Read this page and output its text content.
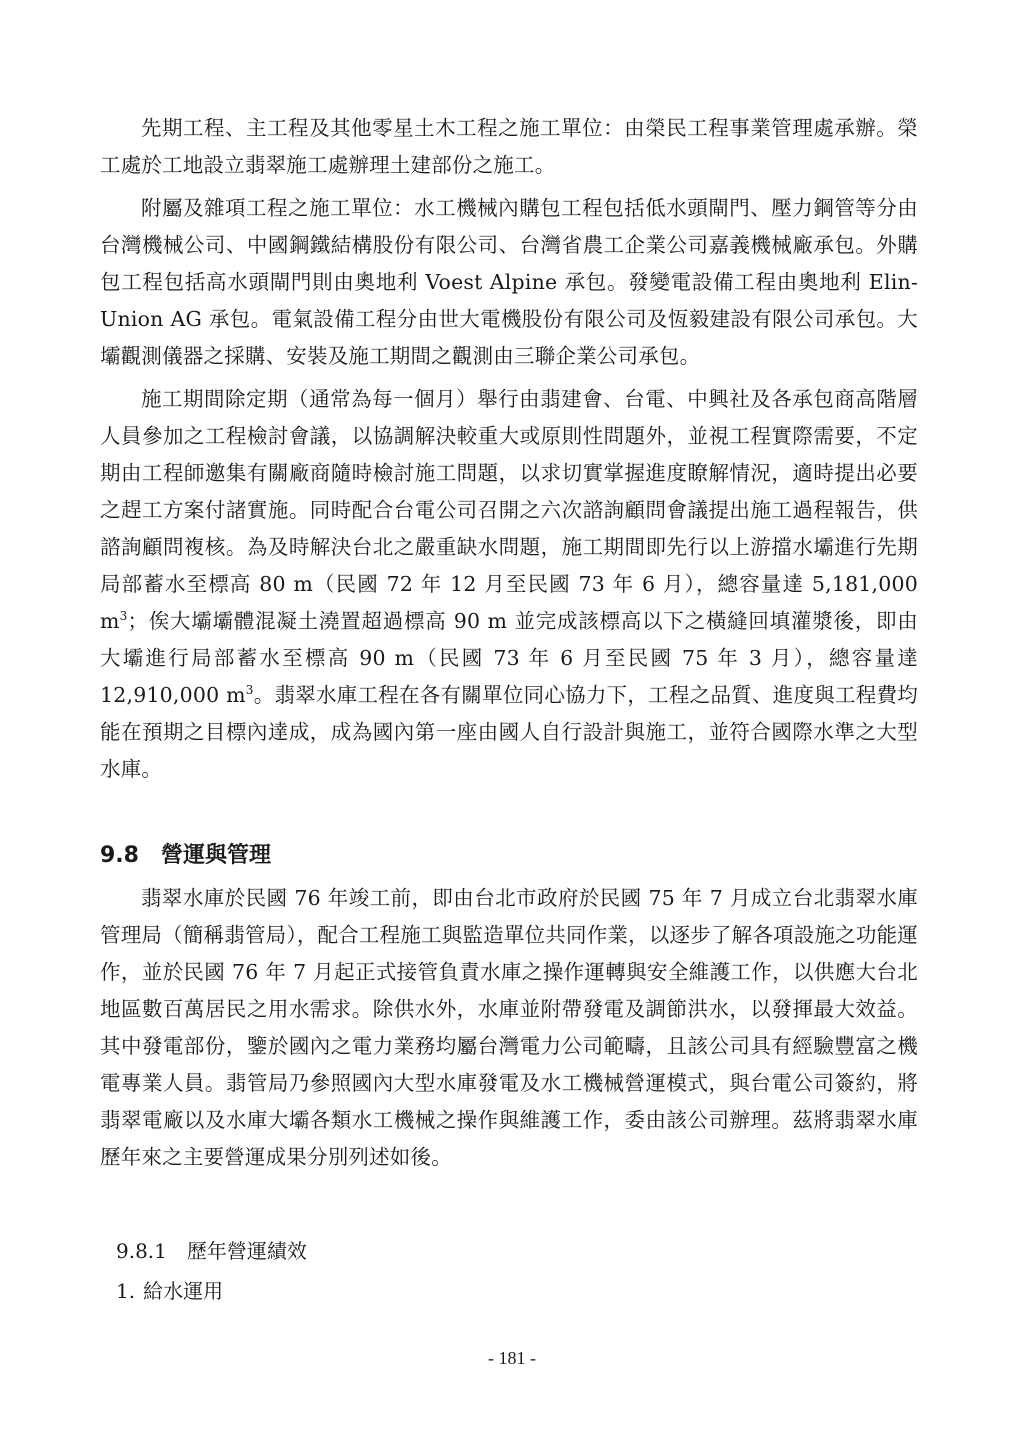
先期工程、主工程及其他零星土木工程之施工單位：由榮民工程事業管理處承辦。榮工處於工地設立翡翠施工處辦理土建部份之施工。

附屬及雜項工程之施工單位：水工機械內購包工程包括低水頭閘門、壓力鋼管等分由台灣機械公司、中國鋼鐵結構股份有限公司、台灣省農工企業公司嘉義機械廠承包。外購包工程包括高水頭閘門則由奧地利 Voest Alpine 承包。發變電設備工程由奧地利 Elin-Union AG 承包。電氣設備工程分由世大電機股份有限公司及恆毅建設有限公司承包。大壩觀測儀器之採購、安裝及施工期間之觀測由三聯企業公司承包。

施工期間除定期（通常為每一個月）舉行由翡建會、台電、中興社及各承包商高階層人員參加之工程檢討會議，以協調解決較重大或原則性問題外，並視工程實際需要，不定期由工程師邀集有關廠商隨時檢討施工問題，以求切實掌握進度瞭解情況，適時提出必要之趕工方案付諸實施。同時配合台電公司召開之六次諮詢顧問會議提出施工過程報告，供諮詢顧問複核。為及時解決台北之嚴重缺水問題，施工期間即先行以上游擋水壩進行先期局部蓄水至標高 80 m（民國 72 年 12 月至民國 73 年 6 月），總容量達 5,181,000 $m^3$；俟大壩壩體混凝土澆置超過標高 90 m 並完成該標高以下之橫縫回填灌漿後，即由大壩進行局部蓄水至標高 90 m（民國 73 年 6 月至民國 75 年 3 月），總容量達 12,910,000 $m^3$。翡翠水庫工程在各有關單位同心協力下，工程之品質、進度與工程費均能在預期之目標內達成，成為國內第一座由國人自行設計與施工，並符合國際水準之大型水庫。

9.8 營運與管理

翡翠水庫於民國 76 年竣工前，即由台北市政府於民國 75 年 7 月成立台北翡翠水庫管理局（簡稱翡管局），配合工程施工與監造單位共同作業，以逐步了解各項設施之功能運作，並於民國 76 年 7 月起正式接管負責水庫之操作運轉與安全維護工作，以供應大台北地區數百萬居民之用水需求。除供水外，水庫並附帶發電及調節洪水，以發揮最大效益。其中發電部份，鑒於國內之電力業務均屬台灣電力公司範疇，且該公司具有經驗豐富之機電專業人員。翡管局乃參照國內大型水庫發電及水工機械營運模式，與台電公司簽約，將翡翠電廠以及水庫大壩各類水工機械之操作與維護工作，委由該公司辦理。茲將翡翠水庫歷年來之主要營運成果分別列述如後。

9.8.1 歷年營運績效
1. 給水運用
- 181 -
